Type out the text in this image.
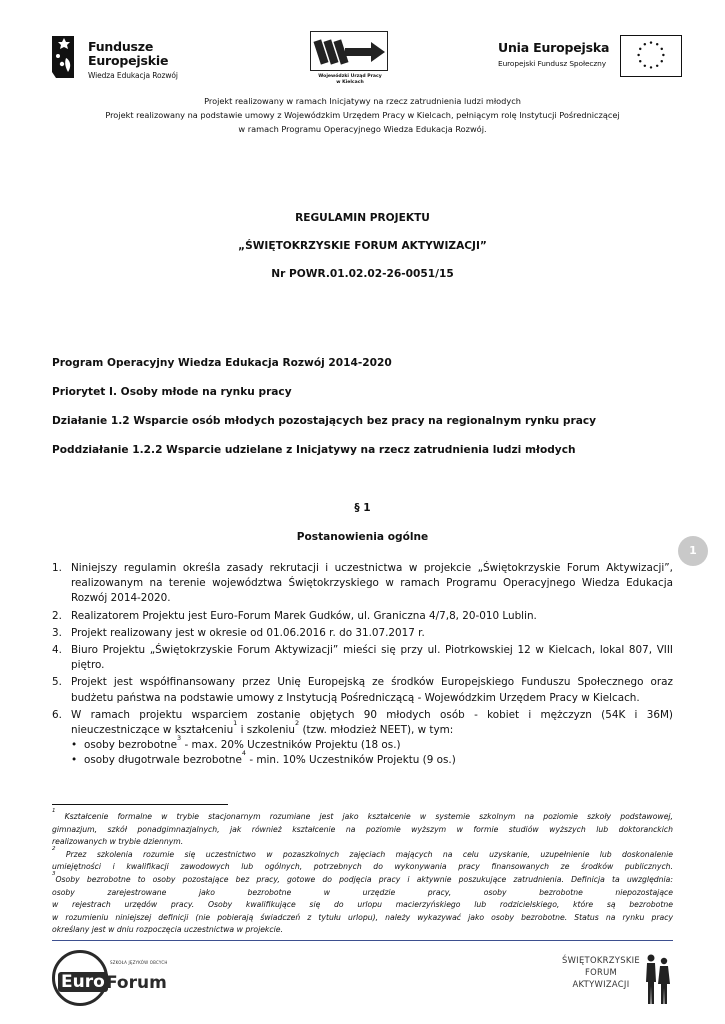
Fundusze
Europejskie
Wiedza Edukacja Rozwój	Wojewódzki Urząd Pracy
w Kielcach
Unia Europejska
Europejski Fundusz Społeczny
Projekt realizowany w ramach Inicjatywy na rzecz zatrudnienia ludzi młodych
Projekt realizowany na podstawie umowy z Wojewódzkim Urzędem Pracy w Kielcach, pełniącym rolę Instytucji Pośredniczącej
w ramach Programu Operacyjnego Wiedza Edukacja Rozwój.
REGULAMIN PROJEKTU
„ŚWIĘTOKRZYSKIE FORUM AKTYWIZACJI”
Nr POWR.01.02.02-26-0051/15
Program Operacyjny Wiedza Edukacja Rozwój 2014-2020
Priorytet I. Osoby młode na rynku pracy
Działanie 1.2 Wsparcie osób młodych pozostających bez pracy na regionalnym rynku pracy
Poddziałanie 1.2.2 Wsparcie udzielane z Inicjatywy na rzecz zatrudnienia ludzi młodych
§ 1
Postanowienia ogólne
1
1. Niniejszy regulamin określa zasady rekrutacji i uczestnictwa w projekcie „Świętokrzyskie Forum Aktywizacji”,
realizowanym na terenie województwa Świętokrzyskiego w ramach Programu Operacyjnego Wiedza Edukacja
Rozwój 2014-2020.
2. Realizatorem Projektu jest Euro-Forum Marek Gudków, ul. Graniczna 4/7,8, 20-010 Lublin.
3. Projekt realizowany jest w okresie od 01.06.2016 r. do 31.07.2017 r.
4. Biuro Projektu „Świętokrzyskie Forum Aktywizacji” mieści się przy ul. Piotrkowskiej 12 w Kielcach, lokal 807, VIII
piętro.
5. Projekt jest współfinansowany przez Unię Europejską ze środków Europejskiego Funduszu Społecznego oraz
budżetu państwa na podstawie umowy z Instytucją Pośredniczącą - Wojewódzkim Urzędem Pracy w Kielcach.
6. W ramach projektu wsparciem zostanie objętych 90 młodych osób - kobiet i mężczyzn (54K i 36M)
nieuczestniczące w kształceniu$^1$ i szkoleniu$^2$ (tzw. młodzież NEET), w tym:
• osoby bezrobotne$^3$ - max. 20% Uczestników Projektu (18 os.)
• osoby długotrwale bezrobotne$^4$ - min. 10% Uczestników Projektu (9 os.)
$^1$ Kształcenie formalne w trybie stacjonarnym rozumiane jest jako kształcenie w systemie szkolnym na poziomie szkoły podstawowej,
gimnazjum, szkół ponadgimnazjalnych, jak również kształcenie na poziomie wyższym w formie studiów wyższych lub doktoranckich
realizowanych w trybie dziennym.
$^2$ Przez szkolenia rozumie się uczestnictwo w pozaszkolnych zajęciach mających na celu uzyskanie, uzupełnienie lub doskonalenie
umiejętności i kwalifikacji zawodowych lub ogólnych, potrzebnych do wykonywania pracy finansowanych ze środków publicznych.
$^3$Osoby bezrobotne to osoby pozostające bez pracy, gotowe do podjęcia pracy i aktywnie poszukujące zatrudnienia. Definicja ta uwzględnia:
osoby zarejestrowane jako bezrobotne w urzędzie pracy, osoby bezrobotne niepozostające
w rejestrach urzędów pracy. Osoby kwalifikujące się do urlopu macierzyńskiego lub rodzicielskiego, które są bezrobotne
w rozumieniu niniejszej definicji (nie pobierają świadczeń z tytułu urlopu), należy wykazywać jako osoby bezrobotne. Status na rynku pracy
określany jest w dniu rozpoczęcia uczestnictwa w projekcie.
SZKOŁA JĘZYKÓW OBCYCH
Euro Forum
ŚWIĘTOKRZYSKIE
FORUM
AKTYWIZACJI
